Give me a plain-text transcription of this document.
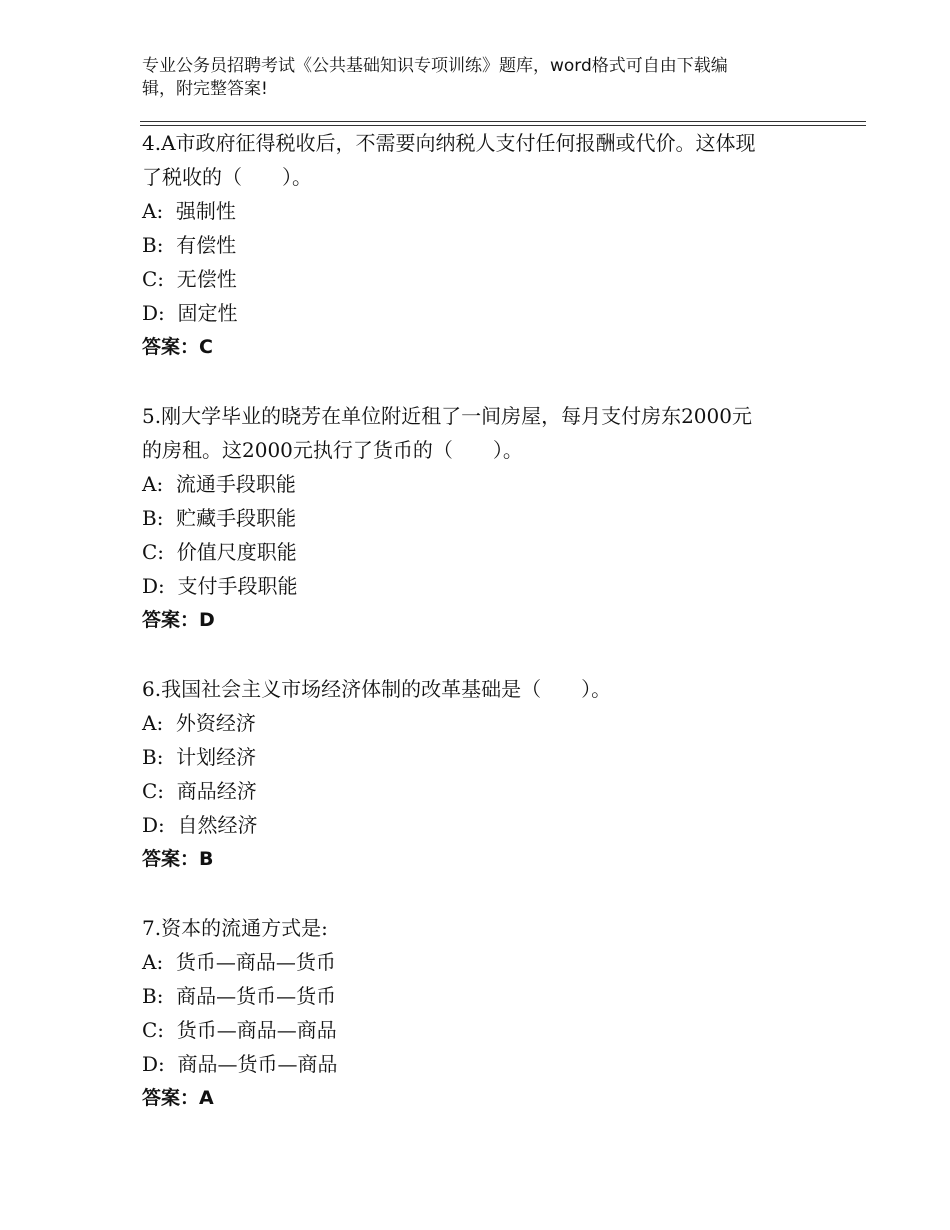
专业公务员招聘考试《公共基础知识专项训练》题库，word格式可自由下载编
辑，附完整答案!
4.A市政府征得税收后，不需要向纳税人支付任何报酬或代价。这体现
了税收的（　　）。
A:  强制性
B:  有偿性
C:  无偿性
D:  固定性
答案：C
5.刚大学毕业的晓芳在单位附近租了一间房屋，每月支付房东2000元
的房租。这2000元执行了货币的（　　）。
A:  流通手段职能
B:  贮藏手段职能
C:  价值尺度职能
D:  支付手段职能
答案：D
6.我国社会主义市场经济体制的改革基础是（　　）。
A:  外资经济
B:  计划经济
C:  商品经济
D:  自然经济
答案：B
7.资本的流通方式是:
A:  货币—商品—货币
B:  商品—货币—货币
C:  货币—商品—商品
D:  商品—货币—商品
答案：A
